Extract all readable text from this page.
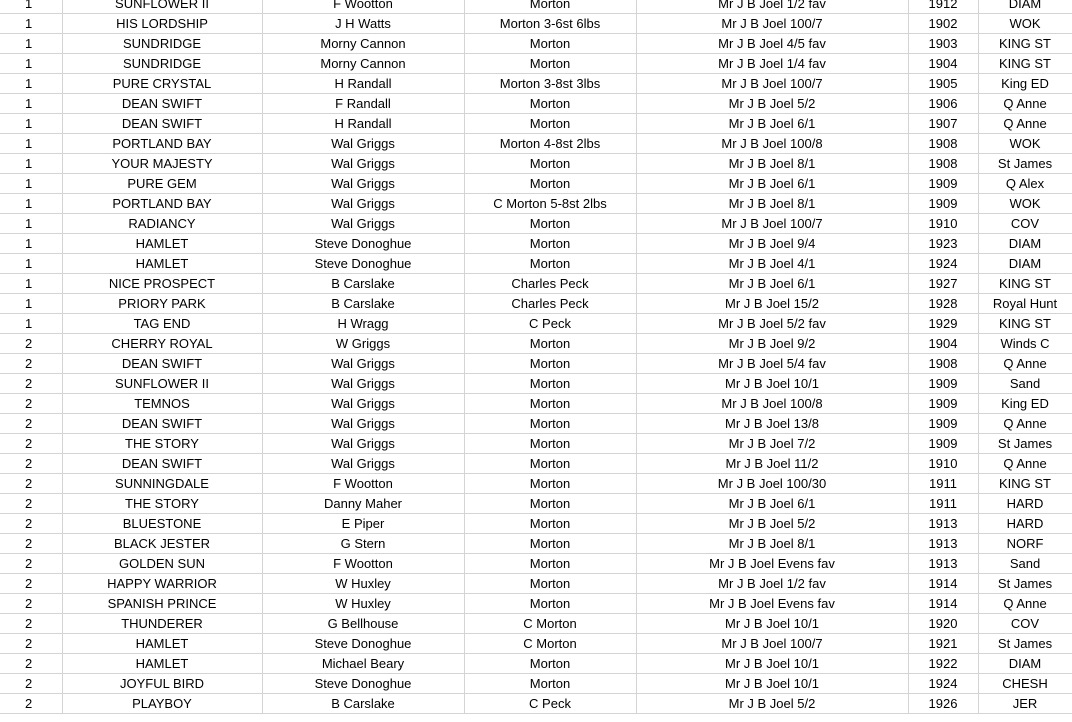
1	SUNFLOWER II	F Wootton	Morton	Mr J B Joel 1/2 fav	1912	DIAM
1	HIS LORDSHIP	J H Watts	Morton 3-6st 6lbs	Mr J B Joel 100/7	1902	WOK
1	SUNDRIDGE	Morny Cannon	Morton	Mr J B Joel 4/5 fav	1903	KING ST
1	SUNDRIDGE	Morny Cannon	Morton	Mr J B Joel 1/4 fav	1904	KING ST
1	PURE CRYSTAL	H Randall	Morton 3-8st 3lbs	Mr J B Joel 100/7	1905	King ED
1	DEAN SWIFT	F Randall	Morton	Mr J B Joel 5/2	1906	Q Anne
1	DEAN SWIFT	H Randall	Morton	Mr J B Joel 6/1	1907	Q Anne
1	PORTLAND BAY	Wal Griggs	Morton 4-8st 2lbs	Mr J B Joel 100/8	1908	WOK
1	YOUR MAJESTY	Wal Griggs	Morton	Mr J B Joel 8/1	1908	St James
1	PURE GEM	Wal Griggs	Morton	Mr J B Joel 6/1	1909	Q Alex
1	PORTLAND BAY	Wal Griggs	C Morton 5-8st 2lbs	Mr J B Joel 8/1	1909	WOK
1	RADIANCY	Wal Griggs	Morton	Mr J B Joel 100/7	1910	COV
1	HAMLET	Steve Donoghue	Morton	Mr J B Joel 9/4	1923	DIAM
1	HAMLET	Steve Donoghue	Morton	Mr J B Joel 4/1	1924	DIAM
1	NICE PROSPECT	B Carslake	Charles Peck	Mr J B Joel 6/1	1927	KING ST
1	PRIORY PARK	B Carslake	Charles Peck	Mr J B Joel 15/2	1928	Royal Hunt
1	TAG END	H Wragg	C Peck	Mr J B Joel 5/2 fav	1929	KING ST
2	CHERRY ROYAL	W Griggs	Morton	Mr J B Joel 9/2	1904	Winds C
2	DEAN SWIFT	Wal Griggs	Morton	Mr J B Joel 5/4 fav	1908	Q Anne
2	SUNFLOWER II	Wal Griggs	Morton	Mr J B Joel 10/1	1909	Sand
2	TEMNOS	Wal Griggs	Morton	Mr J B Joel 100/8	1909	King ED
2	DEAN SWIFT	Wal Griggs	Morton	Mr J B Joel 13/8	1909	Q Anne
2	THE STORY	Wal Griggs	Morton	Mr J B Joel 7/2	1909	St James
2	DEAN SWIFT	Wal Griggs	Morton	Mr J B Joel 11/2	1910	Q Anne
2	SUNNINGDALE	F Wootton	Morton	Mr J B Joel 100/30	1911	KING ST
2	THE STORY	Danny Maher	Morton	Mr J B Joel 6/1	1911	HARD
2	BLUESTONE	E Piper	Morton	Mr J B Joel 5/2	1913	HARD
2	BLACK JESTER	G Stern	Morton	Mr J B Joel 8/1	1913	NORF
2	GOLDEN SUN	F Wootton	Morton	Mr J B Joel Evens fav	1913	Sand
2	HAPPY WARRIOR	W Huxley	Morton	Mr J B Joel 1/2 fav	1914	St James
2	SPANISH PRINCE	W Huxley	Morton	Mr J B Joel Evens fav	1914	Q Anne
2	THUNDERER	G Bellhouse	C Morton	Mr J B Joel 10/1	1920	COV
2	HAMLET	Steve Donoghue	C Morton	Mr J B Joel 100/7	1921	St James
2	HAMLET	Michael Beary	Morton	Mr J B Joel 10/1	1922	DIAM
2	JOYFUL BIRD	Steve Donoghue	Morton	Mr J B Joel 10/1	1924	CHESH
2	PLAYBOY	B Carslake	C Peck	Mr J B Joel 5/2	1926	JER
